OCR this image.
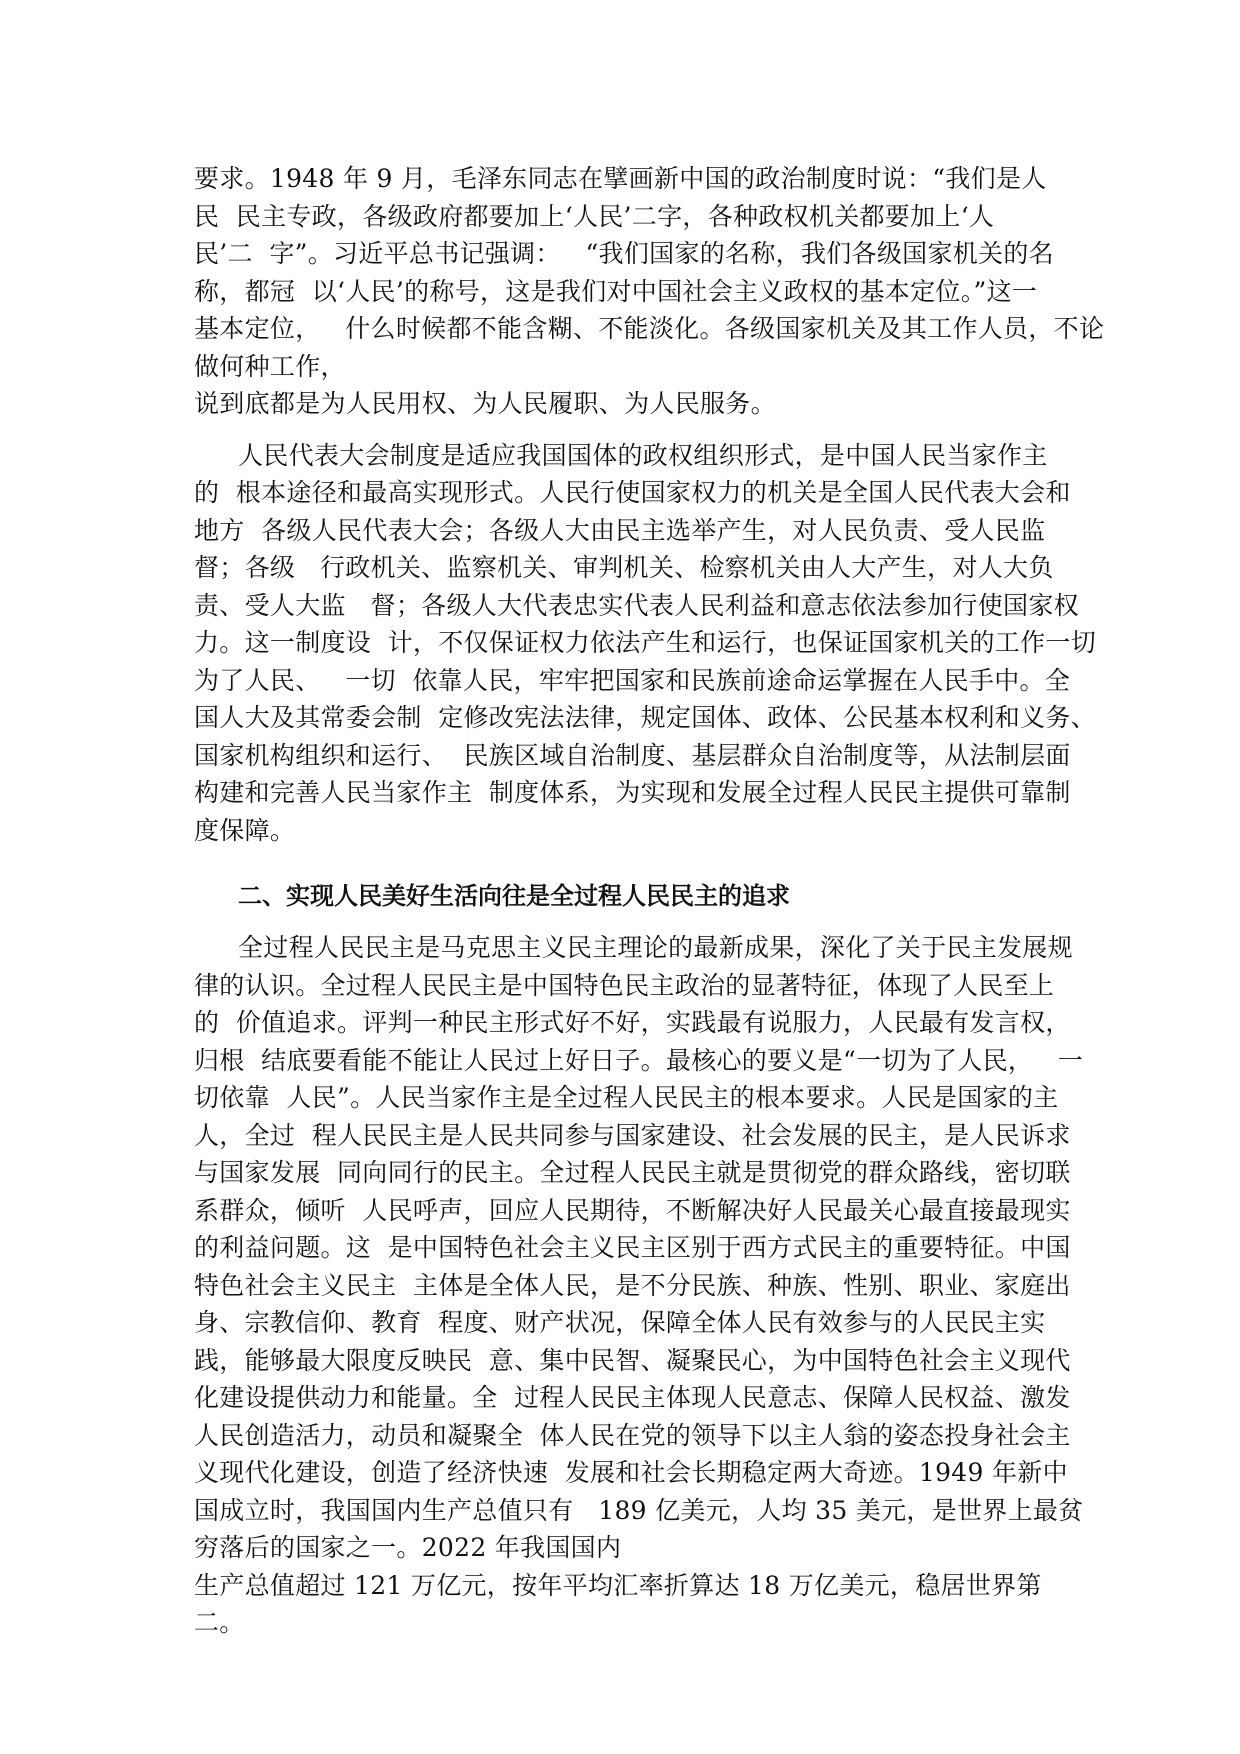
要求。1948 年 9 月，毛泽东同志在擘画新中国的政治制度时说：“我们是人
民  民主专政，各级政府都要加上‘人民’二字，各种政权机关都要加上‘人
民’二  字”。习近平总书记强调：   “我们国家的名称，我们各级国家机关的名
称，都冠  以‘人民’的称号，这是我们对中国社会主义政权的基本定位。”这一
基本定位，   什么时候都不能含糊、不能淡化。各级国家机关及其工作人员，不论
做何种工作，
说到底都是为人民用权、为人民履职、为人民服务。
人民代表大会制度是适应我国国体的政权组织形式，是中国人民当家作主
的  根本途径和最高实现形式。人民行使国家权力的机关是全国人民代表大会和
地方  各级人民代表大会；各级人大由民主选举产生，对人民负责、受人民监
督；各级   行政机关、监察机关、审判机关、检察机关由人大产生，对人大负
责、受人大监   督；各级人大代表忠实代表人民利益和意志依法参加行使国家权
力。这一制度设  计，不仅保证权力依法产生和运行，也保证国家机关的工作一切
为了人民、   一切  依靠人民，牢牢把国家和民族前途命运掌握在人民手中。全
国人大及其常委会制  定修改宪法法律，规定国体、政体、公民基本权利和义务、
国家机构组织和运行、  民族区域自治制度、基层群众自治制度等，从法制层面
构建和完善人民当家作主  制度体系，为实现和发展全过程人民民主提供可靠制
度保障。
二、实现人民美好生活向往是全过程人民民主的追求
全过程人民民主是马克思主义民主理论的最新成果，深化了关于民主发展规
律的认识。全过程人民民主是中国特色民主政治的显著特征，体现了人民至上
的  价值追求。评判一种民主形式好不好，实践最有说服力，人民最有发言权，
归根  结底要看能不能让人民过上好日子。最核心的要义是“一切为了人民，   一
切依靠  人民”。人民当家作主是全过程人民民主的根本要求。人民是国家的主
人，全过  程人民民主是人民共同参与国家建设、社会发展的民主，是人民诉求
与国家发展  同向同行的民主。全过程人民民主就是贯彻党的群众路线，密切联
系群众，倾听  人民呼声，回应人民期待，不断解决好人民最关心最直接最现实
的利益问题。这  是中国特色社会主义民主区别于西方式民主的重要特征。中国
特色社会主义民主  主体是全体人民，是不分民族、种族、性别、职业、家庭出
身、宗教信仰、教育  程度、财产状况，保障全体人民有效参与的人民民主实
践，能够最大限度反映民  意、集中民智、凝聚民心，为中国特色社会主义现代
化建设提供动力和能量。全  过程人民民主体现人民意志、保障人民权益、激发
人民创造活力，动员和凝聚全  体人民在党的领导下以主人翁的姿态投身社会主
义现代化建设，创造了经济快速  发展和社会长期稳定两大奇迹。1949 年新中
国成立时，我国国内生产总值只有   189 亿美元，人均 35 美元，是世界上最贫
穷落后的国家之一。2022 年我国国内
生产总值超过 121 万亿元，按年平均汇率折算达 18 万亿美元，稳居世界第
二。
